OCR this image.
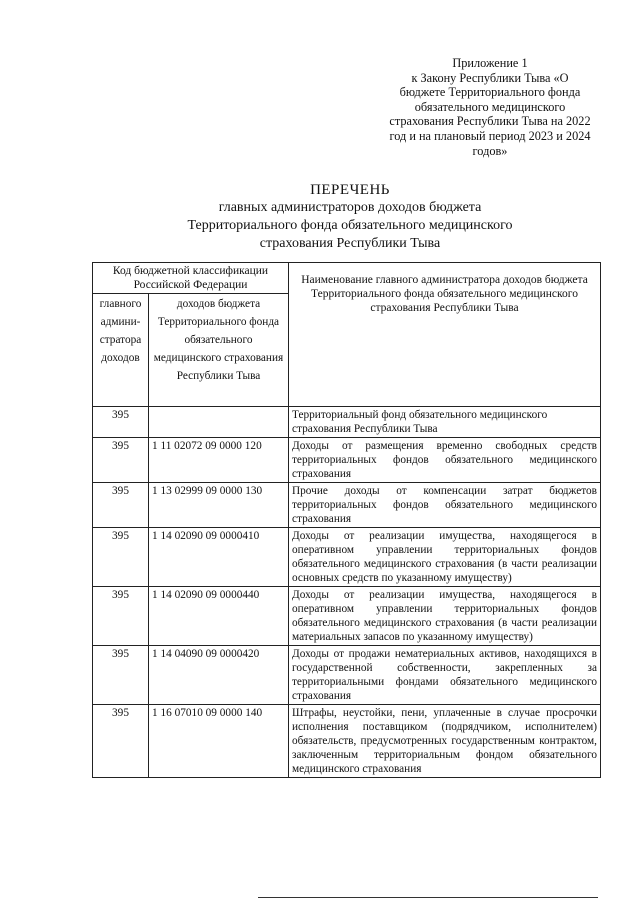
Приложение 1
к Закону Республики Тыва «О
бюджете Территориального фонда
обязательного медицинского
страхования Республики Тыва на 2022
год и на плановый период 2023 и 2024
годов»
ПЕРЕЧЕНЬ
главных администраторов доходов бюджета
Территориального фонда обязательного медицинского
страхования Республики Тыва
Код бюджетной классификации Российской Федерации		Наименование главного администратора доходов бюджета Территориального фонда обязательного медицинского страхования Республики Тыва
главного админи-стратора доходов	доходов бюджета Территориального фонда обязательного медицинского страхования Республики Тыва	
395		Территориальный фонд обязательного медицинского страхования Республики Тыва
395	1 11 02072 09 0000 120	Доходы от размещения временно свободных средств территориальных фондов обязательного медицинского страхования
395	1 13 02999 09 0000 130	Прочие доходы от компенсации затрат бюджетов территориальных фондов обязательного медицинского страхования
395	1 14 02090 09 0000410	Доходы от реализации имущества, находящегося в оперативном управлении территориальных фондов обязательного медицинского страхования (в части реализации основных средств по указанному имуществу)
395	1 14 02090 09 0000440	Доходы от реализации имущества, находящегося в оперативном управлении территориальных фондов обязательного медицинского страхования (в части реализации материальных запасов по указанному имуществу)
395	1 14 04090 09 0000420	Доходы от продажи нематериальных активов, находящихся в государственной собственности, закрепленных за территориальными фондами обязательного медицинского страхования
395	1 16 07010 09 0000 140	Штрафы, неустойки, пени, уплаченные в случае просрочки исполнения поставщиком (подрядчиком, исполнителем) обязательств, предусмотренных государственным контрактом, заключенным территориальным фондом обязательного медицинского страхования
